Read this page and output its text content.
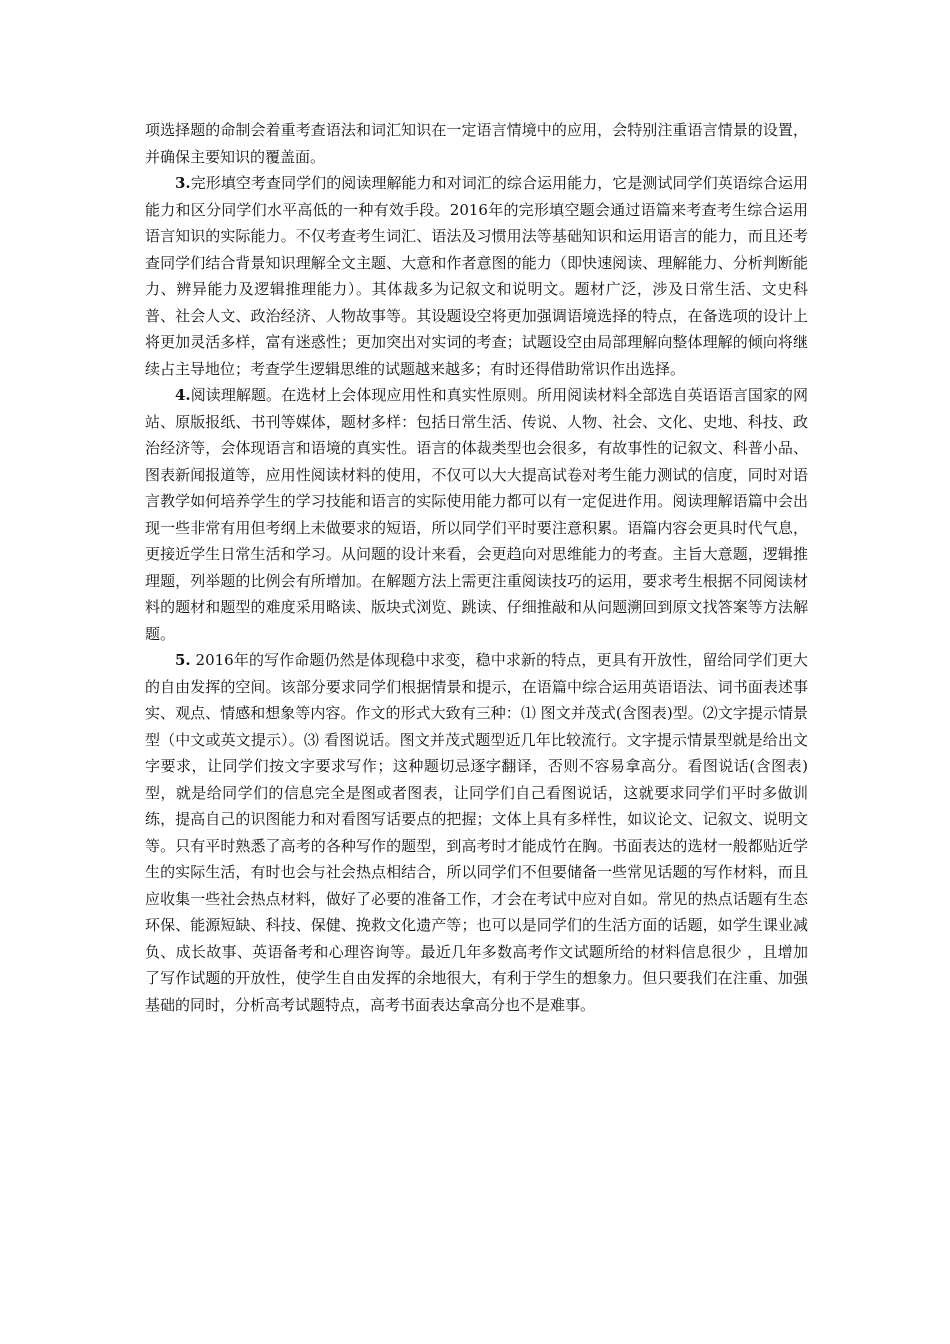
项选择题的命制会着重考查语法和词汇知识在一定语言情境中的应用，会特别注重语言情景的设置，并确保主要知识的覆盖面。

3.完形填空考查同学们的阅读理解能力和对词汇的综合运用能力，它是测试同学们英语综合运用能力和区分同学们水平高低的一种有效手段。2016年的完形填空题会通过语篇来考查考生综合运用语言知识的实际能力。不仅考查考生词汇、语法及习惯用法等基础知识和运用语言的能力，而且还考查同学们结合背景知识理解全文主题、大意和作者意图的能力（即快速阅读、理解能力、分析判断能力、辨异能力及逻辑推理能力）。其体裁多为记叙文和说明文。题材广泛，涉及日常生活、文史科普、社会人文、政治经济、人物故事等。其设题设空将更加强调语境选择的特点，在备选项的设计上将更加灵活多样，富有迷惑性；更加突出对实词的考查；试题设空由局部理解向整体理解的倾向将继续占主导地位；考查学生逻辑思维的试题越来越多；有时还得借助常识作出选择。

4.阅读理解题。在选材上会体现应用性和真实性原则。所用阅读材料全部选自英语语言国家的网站、原版报纸、书刊等媒体，题材多样：包括日常生活、传说、人物、社会、文化、史地、科技、政治经济等，会体现语言和语境的真实性。语言的体裁类型也会很多，有故事性的记叙文、科普小品、图表新闻报道等，应用性阅读材料的使用，不仅可以大大提高试卷对考生能力测试的信度，同时对语言教学如何培养学生的学习技能和语言的实际使用能力都可以有一定促进作用。阅读理解语篇中会出现一些非常有用但考纲上未做要求的短语，所以同学们平时要注意积累。语篇内容会更具时代气息，更接近学生日常生活和学习。从问题的设计来看，会更趋向对思维能力的考查。主旨大意题，逻辑推理题，列举题的比例会有所增加。在解题方法上需更注重阅读技巧的运用，要求考生根据不同阅读材料的题材和题型的难度采用略读、版块式浏览、跳读、仔细推敲和从问题溯回到原文找答案等方法解题。

5. 2016年的写作命题仍然是体现稳中求变，稳中求新的特点，更具有开放性，留给同学们更大的自由发挥的空间。该部分要求同学们根据情景和提示，在语篇中综合运用英语语法、词书面表述事实、观点、情感和想象等内容。作文的形式大致有三种：⑴ 图文并茂式(含图表)型。⑵文字提示情景型（中文或英文提示）。⑶ 看图说话。图文并茂式题型近几年比较流行。文字提示情景型就是给出文字要求，让同学们按文字要求写作；这种题切忌逐字翻译，否则不容易拿高分。看图说话(含图表)型，就是给同学们的信息完全是图或者图表，让同学们自己看图说话，这就要求同学们平时多做训练，提高自己的识图能力和对看图写话要点的把握；文体上具有多样性，如议论文、记叙文、说明文等。只有平时熟悉了高考的各种写作的题型，到高考时才能成竹在胸。书面表达的选材一般都贴近学生的实际生活，有时也会与社会热点相结合，所以同学们不但要储备一些常见话题的写作材料，而且应收集一些社会热点材料，做好了必要的准备工作，才会在考试中应对自如。常见的热点话题有生态环保、能源短缺、科技、保健、挽救文化遗产等；也可以是同学们的生活方面的话题，如学生课业减负、成长故事、英语备考和心理咨询等。最近几年多数高考作文试题所给的材料信息很少 ，且增加了写作试题的开放性，使学生自由发挥的余地很大，有利于学生的想象力。但只要我们在注重、加强基础的同时，分析高考试题特点，高考书面表达拿高分也不是难事。
